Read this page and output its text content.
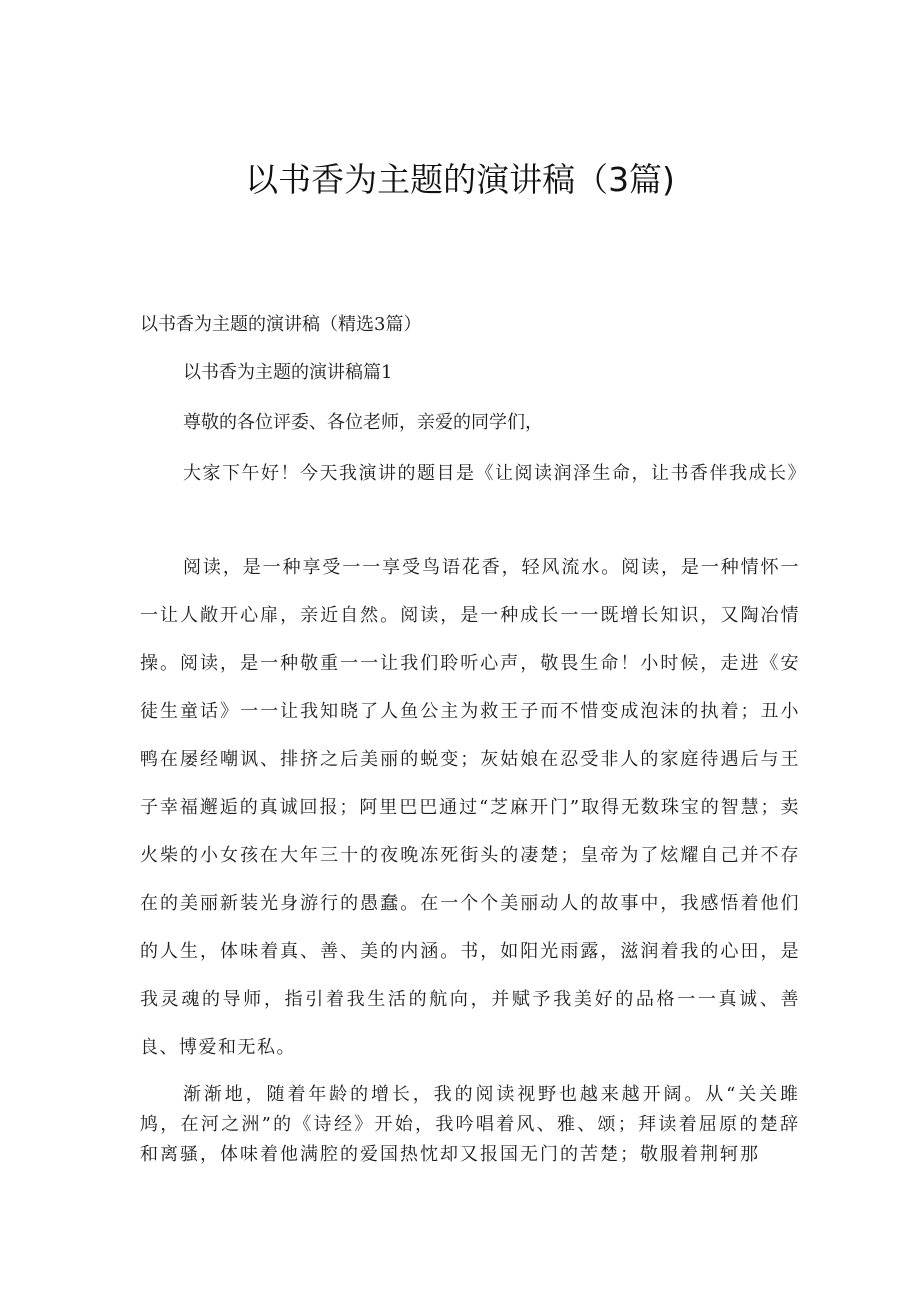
以书香为主题的演讲稿（3篇)

以书香为主题的演讲稿（精选3篇）

以书香为主题的演讲稿篇1

尊敬的各位评委、各位老师，亲爱的同学们，

大家下午好！今天我演讲的题目是《让阅读润泽生命，让书香伴我成长》

阅读，是一种享受一一享受鸟语花香，轻风流水。阅读，是一种情怀一一让人敞开心扉，亲近自然。阅读，是一种成长一一既增长知识，又陶冶情操。阅读，是一种敬重一一让我们聆听心声，敬畏生命！小时候，走进《安徒生童话》一一让我知晓了人鱼公主为救王子而不惜变成泡沫的执着；丑小鸭在屡经嘲讽、排挤之后美丽的蜕变；灰姑娘在忍受非人的家庭待遇后与王子幸福邂逅的真诚回报；阿里巴巴通过“芝麻开门”取得无数珠宝的智慧；卖火柴的小女孩在大年三十的夜晚冻死街头的凄楚；皇帝为了炫耀自己并不存在的美丽新装光身游行的愚蠢。在一个个美丽动人的故事中，我感悟着他们的人生，体味着真、善、美的内涵。书，如阳光雨露，滋润着我的心田，是我灵魂的导师，指引着我生活的航向，并赋予我美好的品格一一真诚、善良、博爱和无私。

渐渐地，随着年龄的增长，我的阅读视野也越来越开阔。从“关关雎鸠，在河之洲”的《诗经》开始，我吟唱着风、雅、颂；拜读着屈原的楚辞和离骚，体味着他满腔的爱国热忱却又报国无门的苦楚；敬服着荆轲那
